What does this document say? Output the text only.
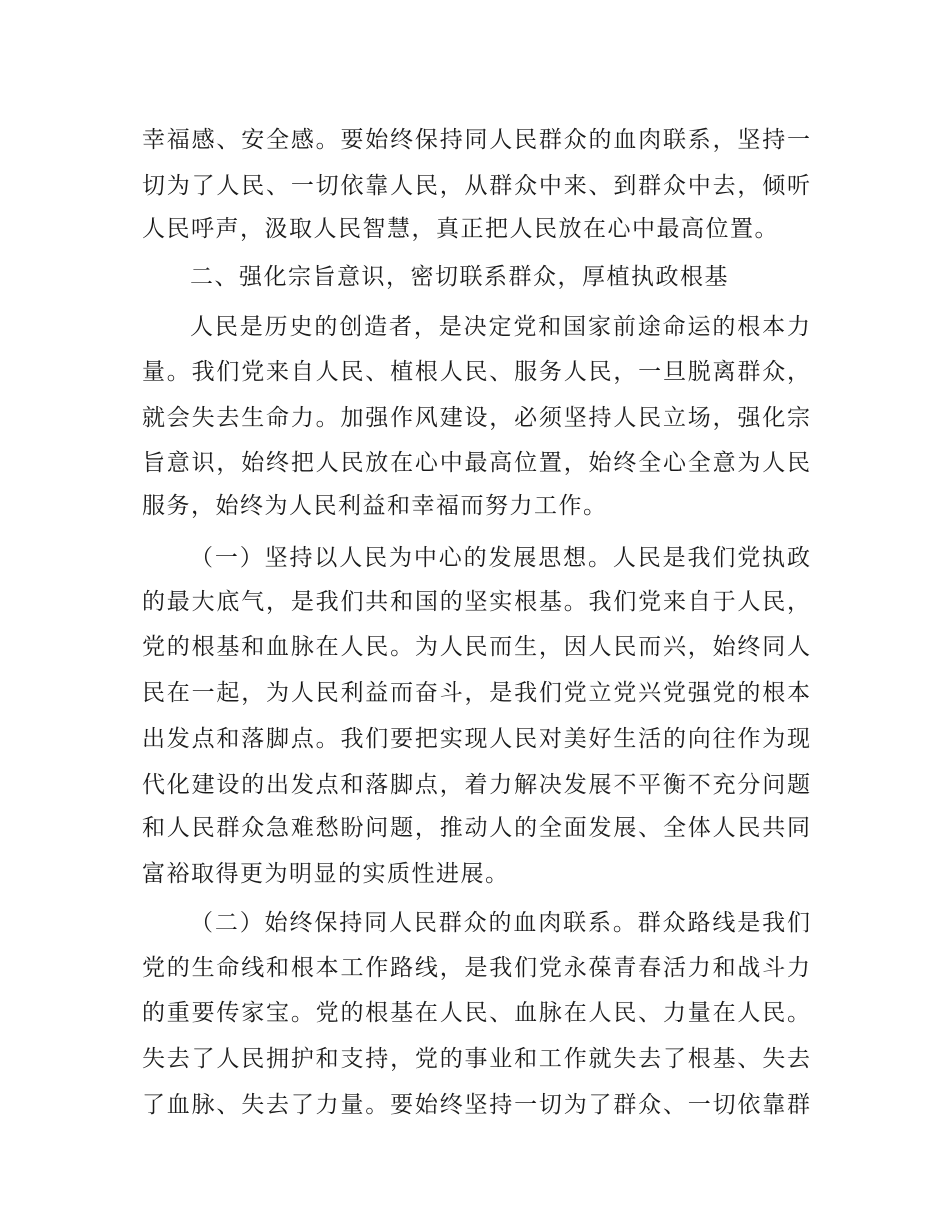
幸福感、安全感。要始终保持同人民群众的血肉联系，坚持一
切为了人民、一切依靠人民，从群众中来、到群众中去，倾听
人民呼声，汲取人民智慧，真正把人民放在心中最高位置。
二、强化宗旨意识，密切联系群众，厚植执政根基
人民是历史的创造者，是决定党和国家前途命运的根本力
量。我们党来自人民、植根人民、服务人民，一旦脱离群众，
就会失去生命力。加强作风建设，必须坚持人民立场，强化宗
旨意识，始终把人民放在心中最高位置，始终全心全意为人民
服务，始终为人民利益和幸福而努力工作。
（一）坚持以人民为中心的发展思想。人民是我们党执政
的最大底气，是我们共和国的坚实根基。我们党来自于人民，
党的根基和血脉在人民。为人民而生，因人民而兴，始终同人
民在一起，为人民利益而奋斗，是我们党立党兴党强党的根本
出发点和落脚点。我们要把实现人民对美好生活的向往作为现
代化建设的出发点和落脚点，着力解决发展不平衡不充分问题
和人民群众急难愁盼问题，推动人的全面发展、全体人民共同
富裕取得更为明显的实质性进展。
（二）始终保持同人民群众的血肉联系。群众路线是我们
党的生命线和根本工作路线，是我们党永葆青春活力和战斗力
的重要传家宝。党的根基在人民、血脉在人民、力量在人民。
失去了人民拥护和支持，党的事业和工作就失去了根基、失去
了血脉、失去了力量。要始终坚持一切为了群众、一切依靠群
